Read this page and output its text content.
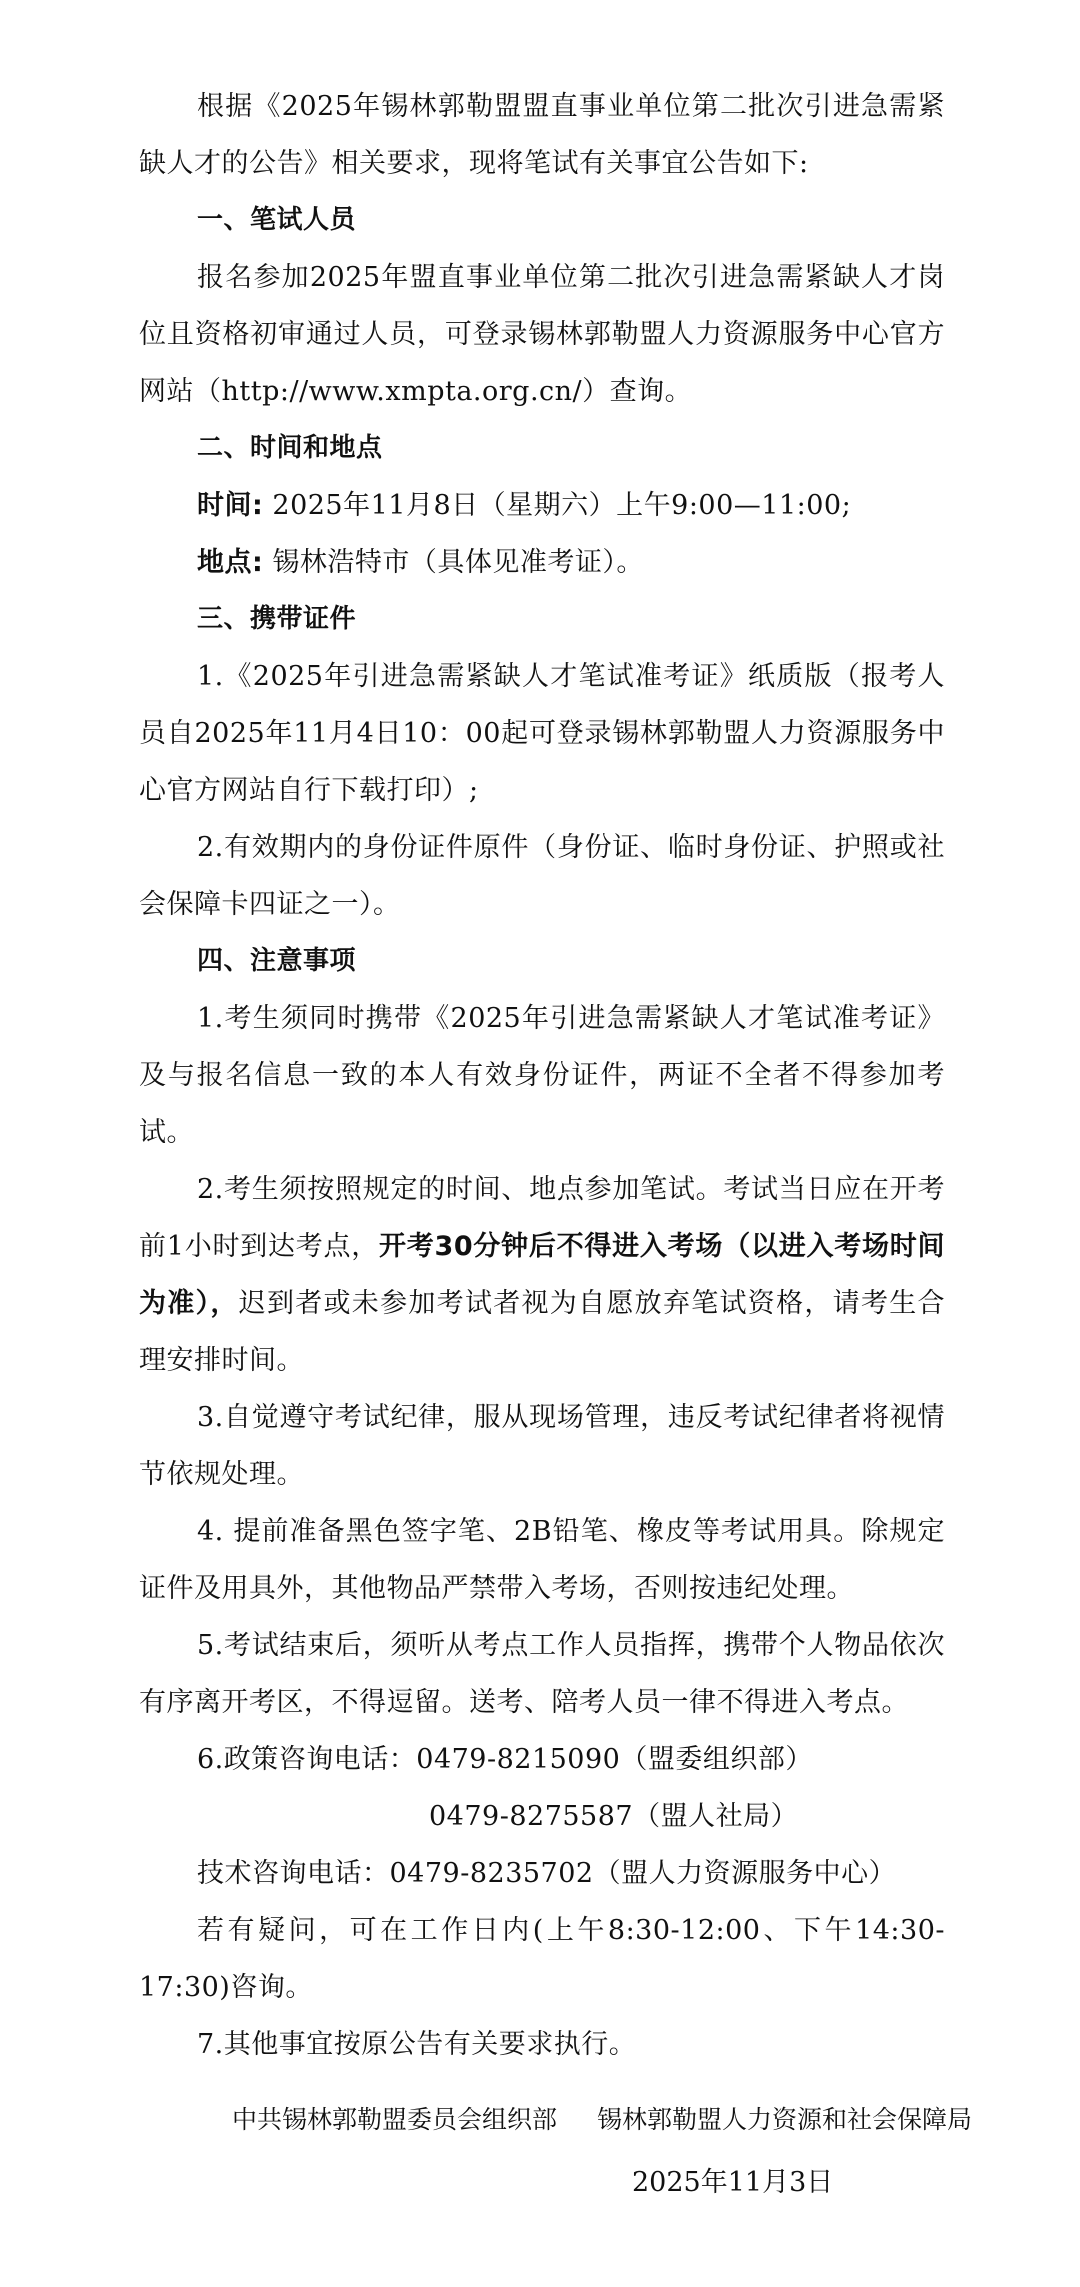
根据《2025年锡林郭勒盟盟直事业单位第二批次引进急需紧缺人才的公告》相关要求，现将笔试有关事宜公告如下:

一、笔试人员

报名参加2025年盟直事业单位第二批次引进急需紧缺人才岗位且资格初审通过人员，可登录锡林郭勒盟人力资源服务中心官方网站（http://www.xmpta.org.cn/）查询。

二、时间和地点

时间: 2025年11月8日（星期六）上午9:00—11:00;

地点: 锡林浩特市（具体见准考证）。

三、携带证件

1.《2025年引进急需紧缺人才笔试准考证》纸质版（报考人员自2025年11月4日10：00起可登录锡林郭勒盟人力资源服务中心官方网站自行下载打印）;

2.有效期内的身份证件原件（身份证、临时身份证、护照或社会保障卡四证之一）。

四、注意事项

1.考生须同时携带《2025年引进急需紧缺人才笔试准考证》及与报名信息一致的本人有效身份证件，两证不全者不得参加考试。

2.考生须按照规定的时间、地点参加笔试。考试当日应在开考前1小时到达考点，开考30分钟后不得进入考场（以进入考场时间为准），迟到者或未参加考试者视为自愿放弃笔试资格，请考生合理安排时间。

3.自觉遵守考试纪律，服从现场管理，违反考试纪律者将视情节依规处理。

4. 提前准备黑色签字笔、2B铅笔、橡皮等考试用具。除规定证件及用具外，其他物品严禁带入考场，否则按违纪处理。

5.考试结束后，须听从考点工作人员指挥，携带个人物品依次有序离开考区，不得逗留。送考、陪考人员一律不得进入考点。

6.政策咨询电话：0479-8215090（盟委组织部）

0479-8275587（盟人社局）

技术咨询电话：0479-8235702（盟人力资源服务中心）

若有疑问，可在工作日内(上午8:30-12:00、下午14:30-17:30)咨询。

7.其他事宜按原公告有关要求执行。

中共锡林郭勒盟委员会组织部 锡林郭勒盟人力资源和社会保障局
2025年11月3日
